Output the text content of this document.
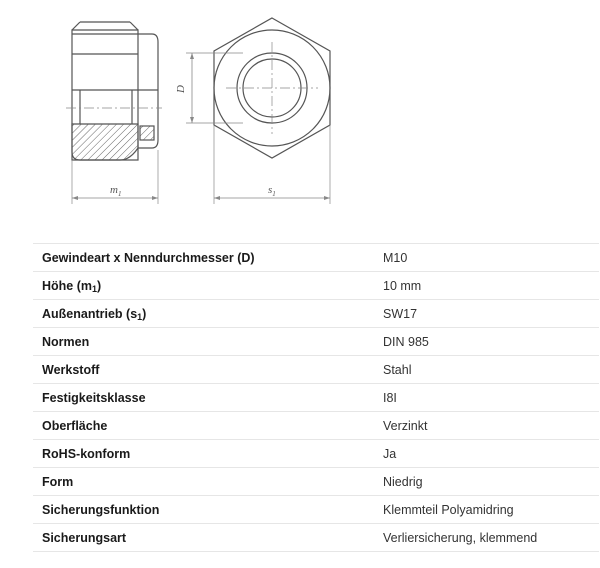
$m_1$
D
$s_1$
Gewindeart x Nenndurchmesser (D)	M10
Höhe $(m_1)$	10 mm
Außenantrieb $(s_1)$	SW17
Normen	DIN 985
Werkstoff	Stahl
Festigkeitsklasse	I8I
Oberfläche	Verzinkt
RoHS-konform	Ja
Form	Niedrig
Sicherungsfunktion	Klemmteil Polyamidring
Sicherungsart	Verliersicherung, klemmend
